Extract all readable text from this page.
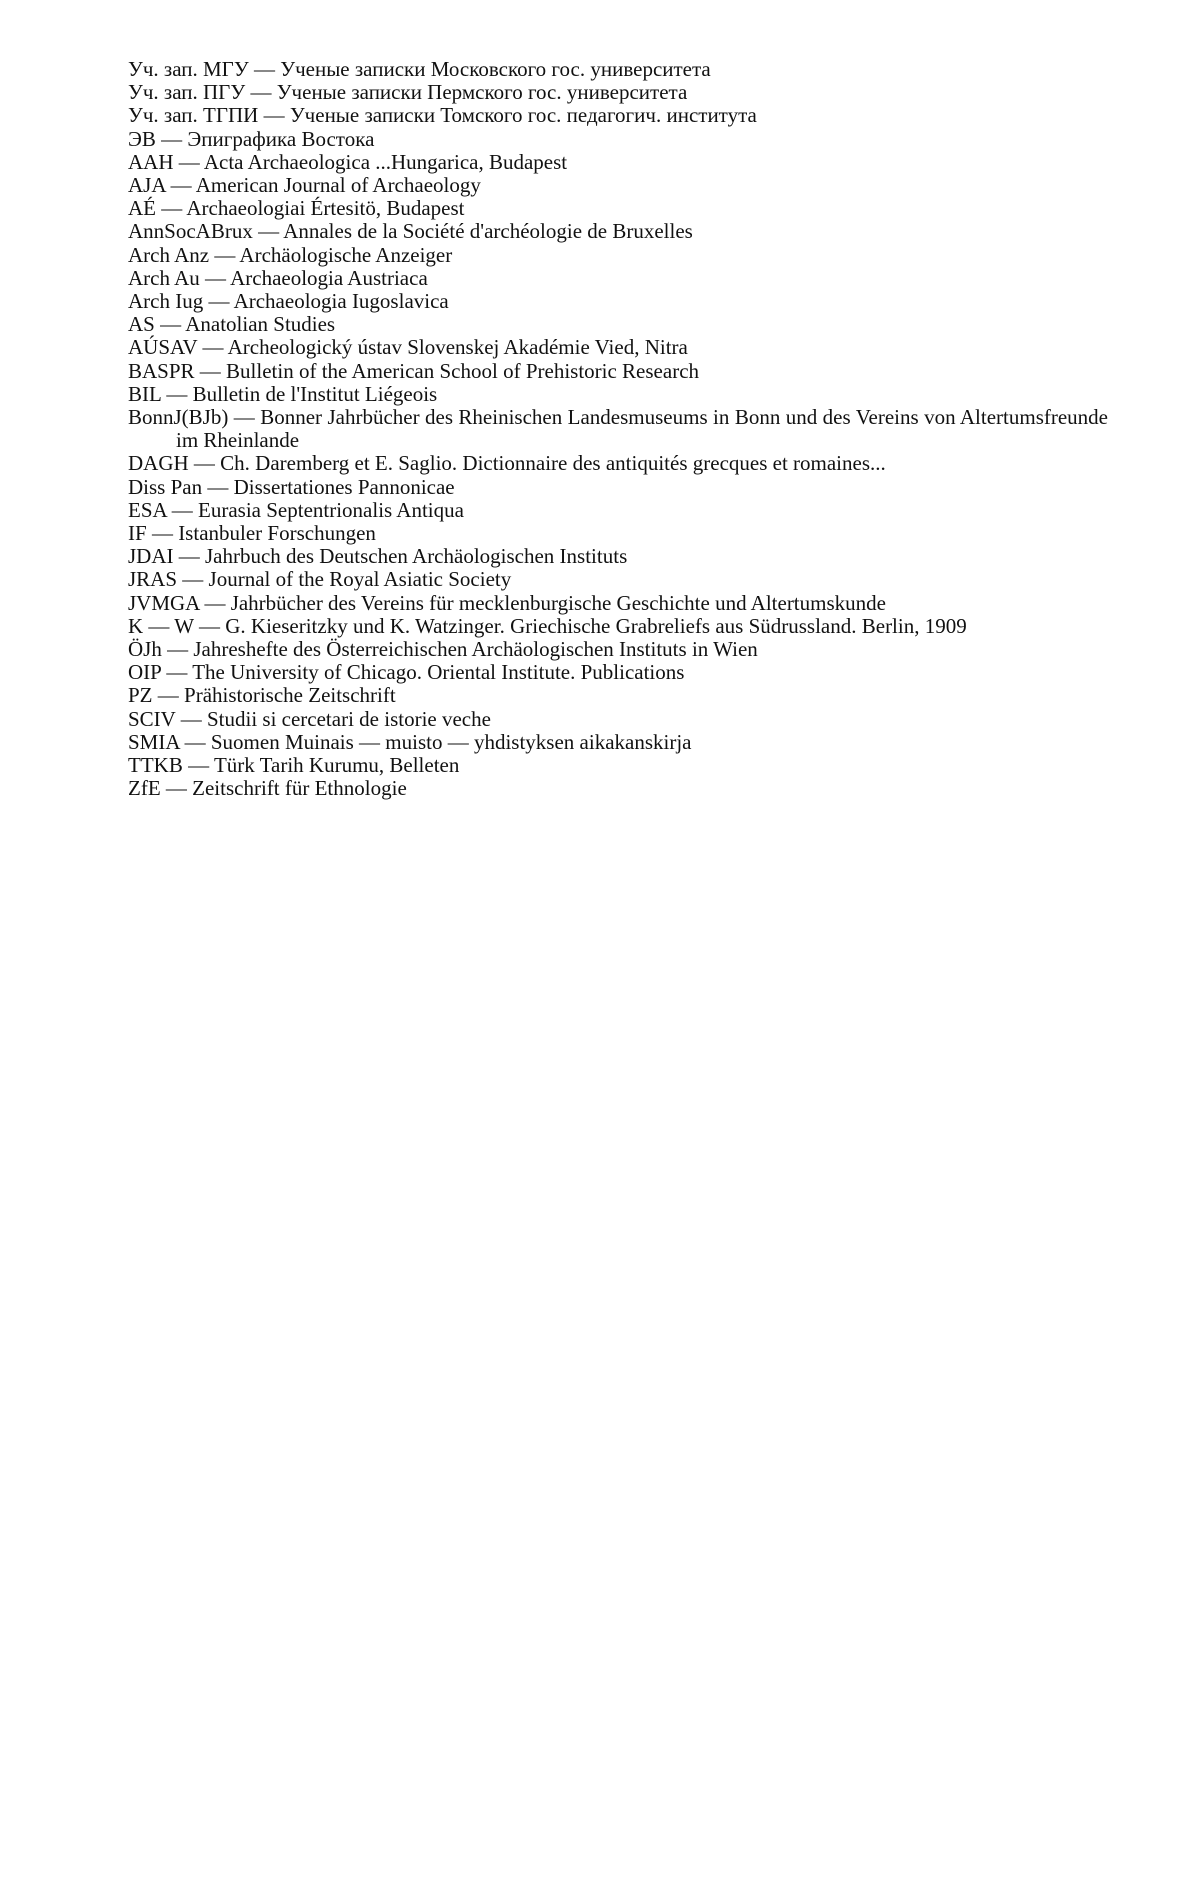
Уч. зап. МГУ — Ученые записки Московского гос. университета
Уч. зап. ПГУ — Ученые записки Пермского гос. университета
Уч. зап. ТГПИ — Ученые записки Томского гос. педагогич. института
ЭВ — Эпиграфика Востока
AAH — Acta Archaeologica ...Hungarica, Budapest
AJA — American Journal of Archaeology
AÉ — Archaeologiai Értesitö, Budapest
AnnSocABrux — Annales de la Société d'archéologie de Bruxelles
Arch Anz — Archäologische Anzeiger
Arch Au — Archaeologia Austriaca
Arch Iug — Archaeologia Iugoslavica
AS — Anatolian Studies
AÚSAV — Archeologický ústav Slovenskej Akadémie Vied, Nitra
BASPR — Bulletin of the American School of Prehistoric Research
BIL — Bulletin de l'Institut Liégeois
BonnJ(BJb) — Bonner Jahrbücher des Rheinischen Landesmuseums in Bonn und des Vereins von Altertumsfreunde im Rheinlande
DAGH — Ch. Daremberg et E. Saglio. Dictionnaire des antiquités grecques et romaines...
Diss Pan — Dissertationes Pannonicae
ESA — Eurasia Septentrionalis Antiqua
IF — Istanbuler Forschungen
JDAI — Jahrbuch des Deutschen Archäologischen Instituts
JRAS — Journal of the Royal Asiatic Society
JVMGA — Jahrbücher des Vereins für mecklenburgische Geschichte und Altertumskunde
K — W — G. Kieseritzky und K. Watzinger. Griechische Grabreliefs aus Südrussland. Berlin, 1909
ÖJh — Jahreshefte des Österreichischen Archäologischen Instituts in Wien
OIP — The University of Chicago. Oriental Institute. Publications
PZ — Prähistorische Zeitschrift
SCIV — Studii si cercetari de istorie veche
SMIA — Suomen Muinais — muisto — yhdistyksen aikakanskirja
TTKB — Türk Tarih Kurumu, Belleten
ZfE — Zeitschrift für Ethnologie
